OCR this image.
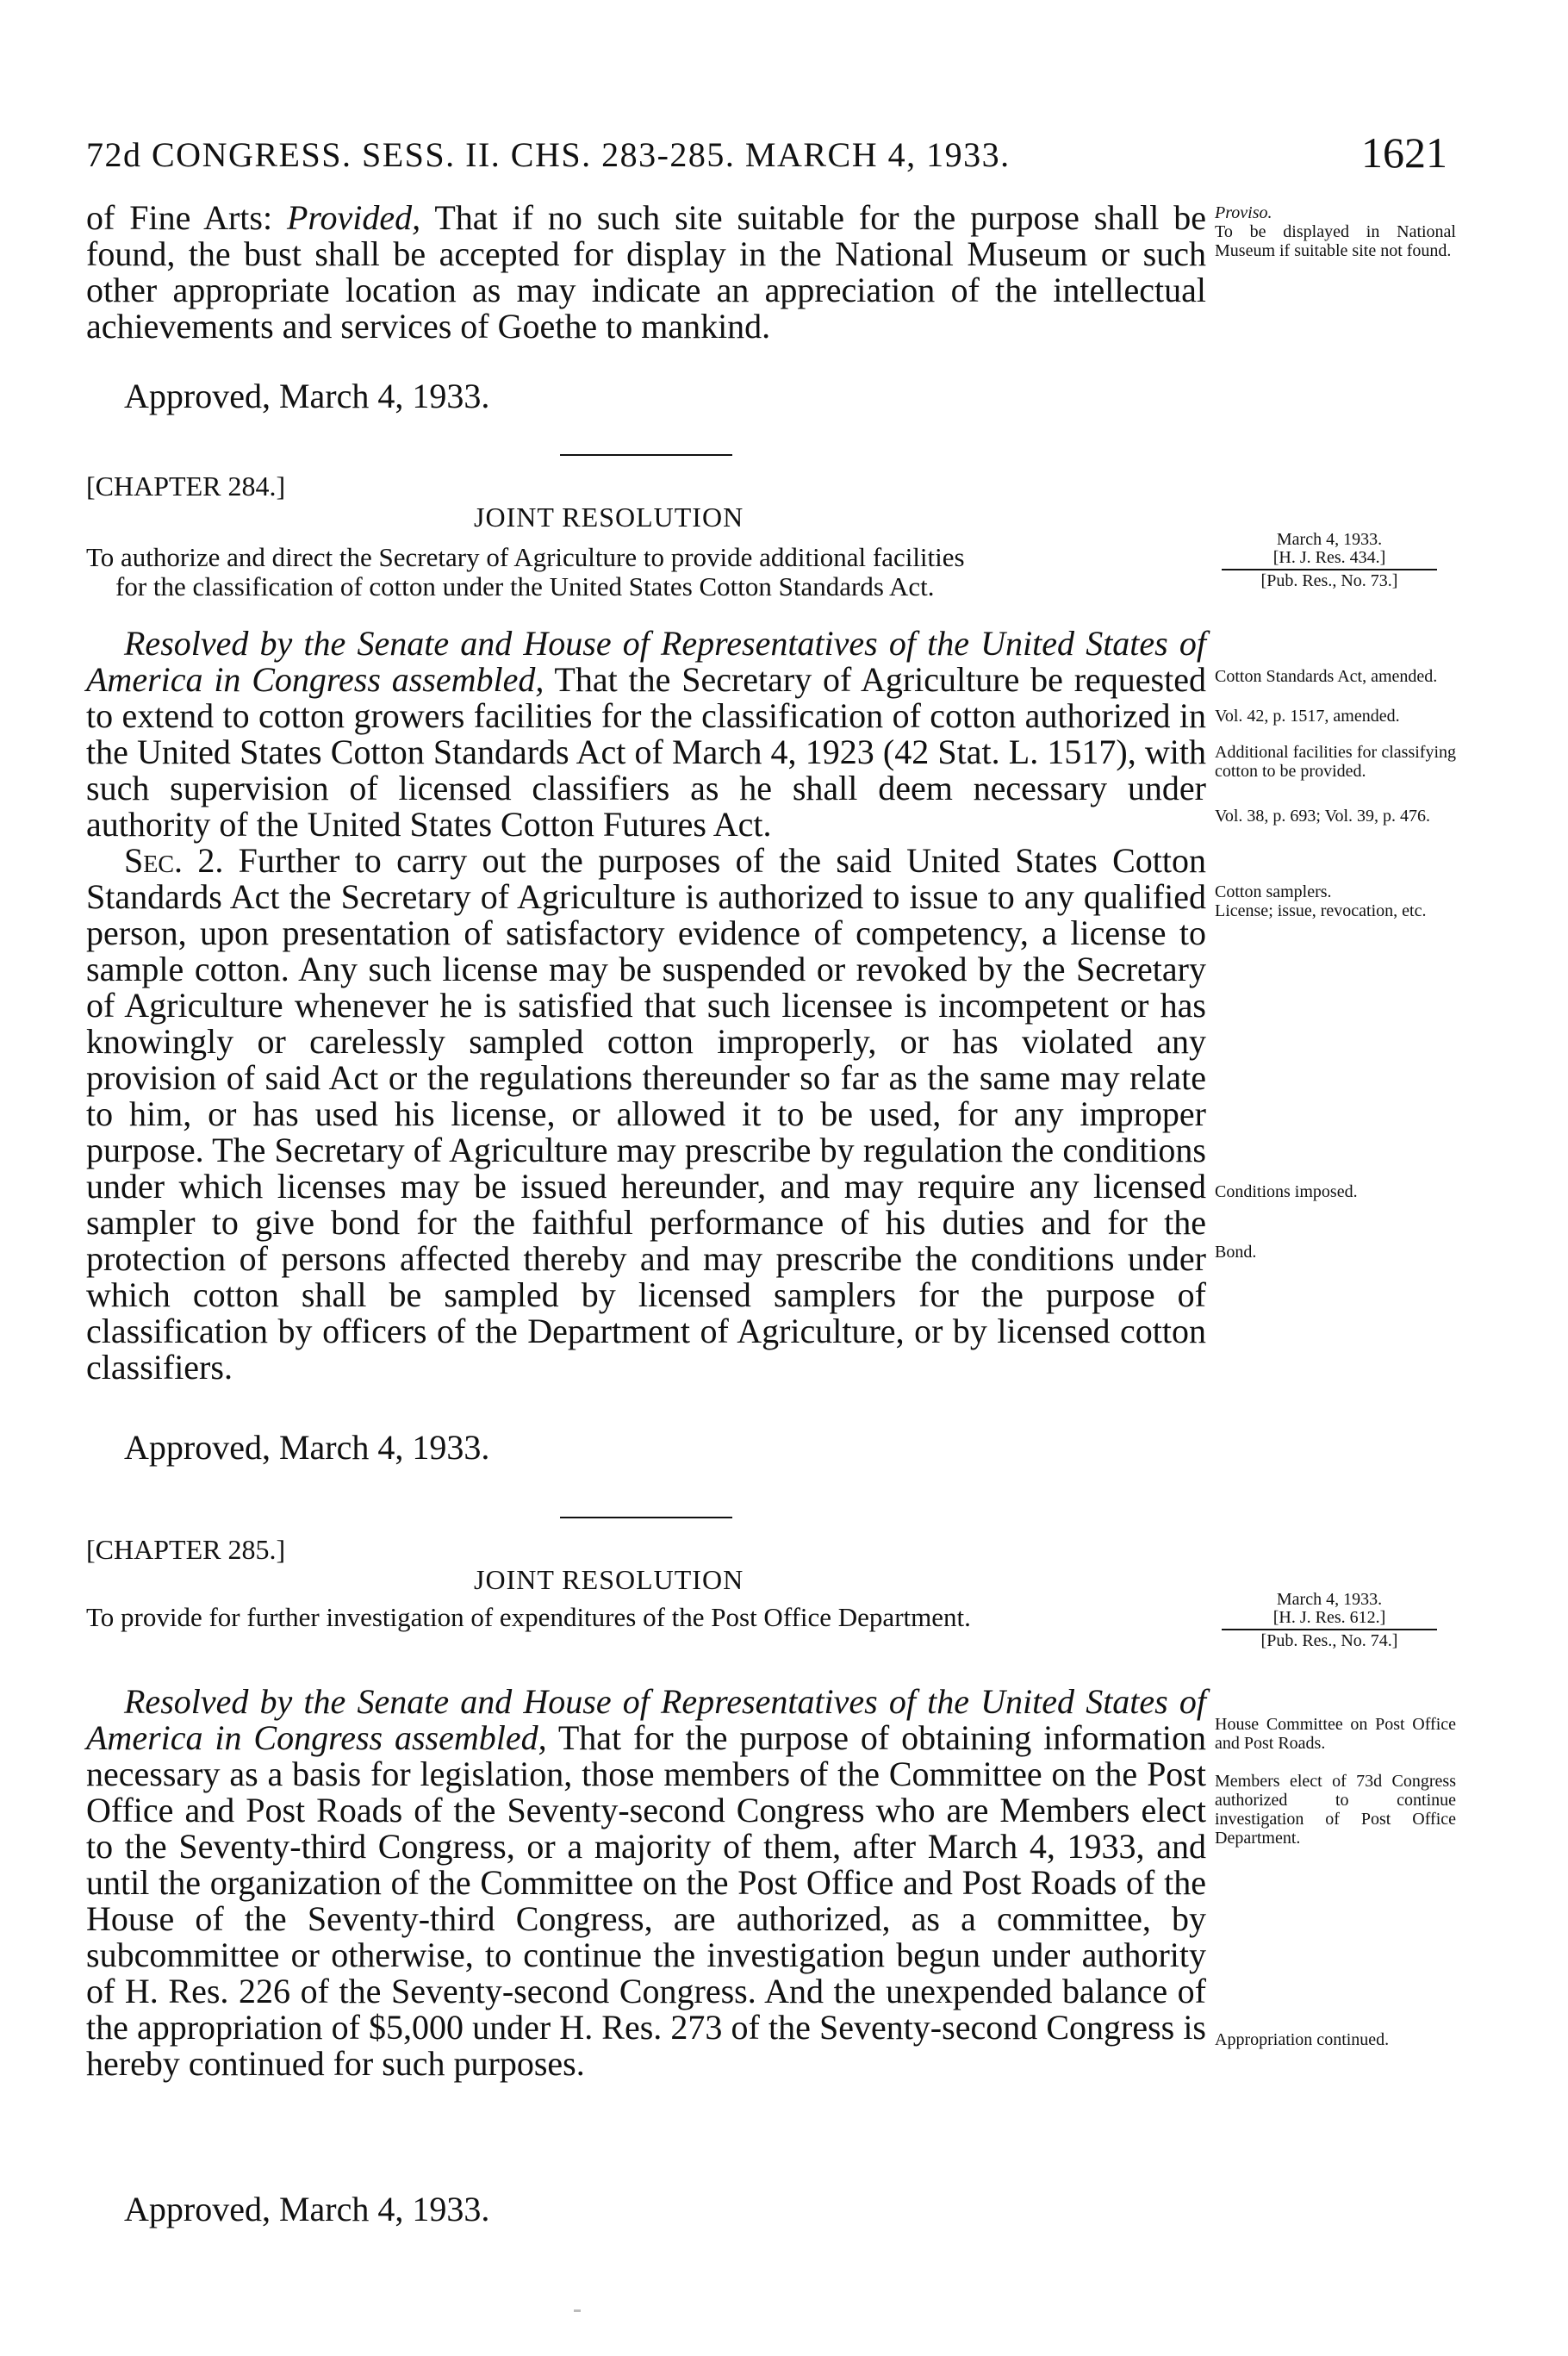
72d CONGRESS. SESS. II. CHS. 283-285. MARCH 4, 1933.	1621

of Fine Arts: Provided, That if no such site suitable for the purpose shall be found, the bust shall be accepted for display in the National Museum or such other appropriate location as may indicate an appreciation of the intellectual achievements and services of Goethe to mankind.

Approved, March 4, 1933.
Proviso.
To be displayed in National Museum if suitable site not found.
[CHAPTER 284.]
JOINT RESOLUTION
To authorize and direct the Secretary of Agriculture to provide additional facilities
for the classification of cotton under the United States Cotton Standards Act.
March 4, 1933.
[H. J. Res. 434.]
[Pub. Res., No. 73.]

Resolved by the Senate and House of Representatives of the United States of America in Congress assembled, That the Secretary of Agriculture be requested to extend to cotton growers facilities for the classification of cotton authorized in the United States Cotton Standards Act of March 4, 1923 (42 Stat. L. 1517), with such supervision of licensed classifiers as he shall deem necessary under authority of the United States Cotton Futures Act.

Sec. 2. Further to carry out the purposes of the said United States Cotton Standards Act the Secretary of Agriculture is authorized to issue to any qualified person, upon presentation of satisfactory evidence of competency, a license to sample cotton. Any such license may be suspended or revoked by the Secretary of Agriculture whenever he is satisfied that such licensee is incompetent or has knowingly or carelessly sampled cotton improperly, or has violated any provision of said Act or the regulations thereunder so far as the same may relate to him, or has used his license, or allowed it to be used, for any improper purpose. The Secretary of Agriculture may prescribe by regulation the conditions under which licenses may be issued hereunder, and may require any licensed sampler to give bond for the faithful performance of his duties and for the protection of persons affected thereby and may prescribe the conditions under which cotton shall be sampled by licensed samplers for the purpose of classification by officers of the Department of Agriculture, or by licensed cotton classifiers.

Approved, March 4, 1933.
Cotton Standards Act, amended.
Vol. 42, p. 1517, amended.
Additional facilities for classifying cotton to be provided.
Vol. 38, p. 693; Vol. 39, p. 476.
Cotton samplers.
License; issue, revocation, etc.
Conditions imposed.
Bond.
[CHAPTER 285.]
JOINT RESOLUTION
To provide for further investigation of expenditures of the Post Office Department.
March 4, 1933.
[H. J. Res. 612.]
[Pub. Res., No. 74.]

Resolved by the Senate and House of Representatives of the United States of America in Congress assembled, That for the purpose of obtaining information necessary as a basis for legislation, those members of the Committee on the Post Office and Post Roads of the Seventy-second Congress who are Members elect to the Seventy-third Congress, or a majority of them, after March 4, 1933, and until the organization of the Committee on the Post Office and Post Roads of the House of the Seventy-third Congress, are authorized, as a committee, by subcommittee or otherwise, to continue the investigation begun under authority of H. Res. 226 of the Seventy-second Congress. And the unexpended balance of the appropriation of $5,000 under H. Res. 273 of the Seventy-second Congress is hereby continued for such purposes.

Approved, March 4, 1933.
House Committee on Post Office and Post Roads.
Members elect of 73d Congress authorized to continue investigation of Post Office Department.
Appropriation continued.
